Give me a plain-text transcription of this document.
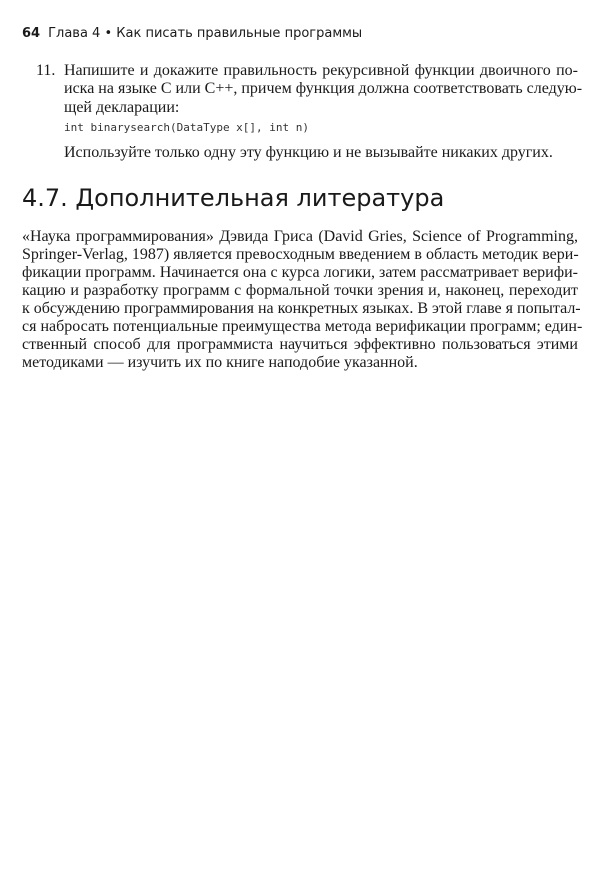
64 Глава 4 • Как писать правильные программы
11. Напишите и докажите правильность рекурсивной функции двоичного по-
иска на языке C или C++, причем функция должна соответствовать следую-
щей декларации:
int binarysearch(DataType x[], int n)
Используйте только одну эту функцию и не вызывайте никаких других.
4.7. Дополнительная литература
«Наука программирования» Дэвида Гриса (David Gries, Science of Programming,
Springer-Verlag, 1987) является превосходным введением в область методик вери-
фикации программ. Начинается она с курса логики, затем рассматривает верифи-
кацию и разработку программ с формальной точки зрения и, наконец, переходит
к обсуждению программирования на конкретных языках. В этой главе я попытал-
ся набросать потенциальные преимущества метода верификации программ; един-
ственный способ для программиста научиться эффективно пользоваться этими
методиками — изучить их по книге наподобие указанной.
